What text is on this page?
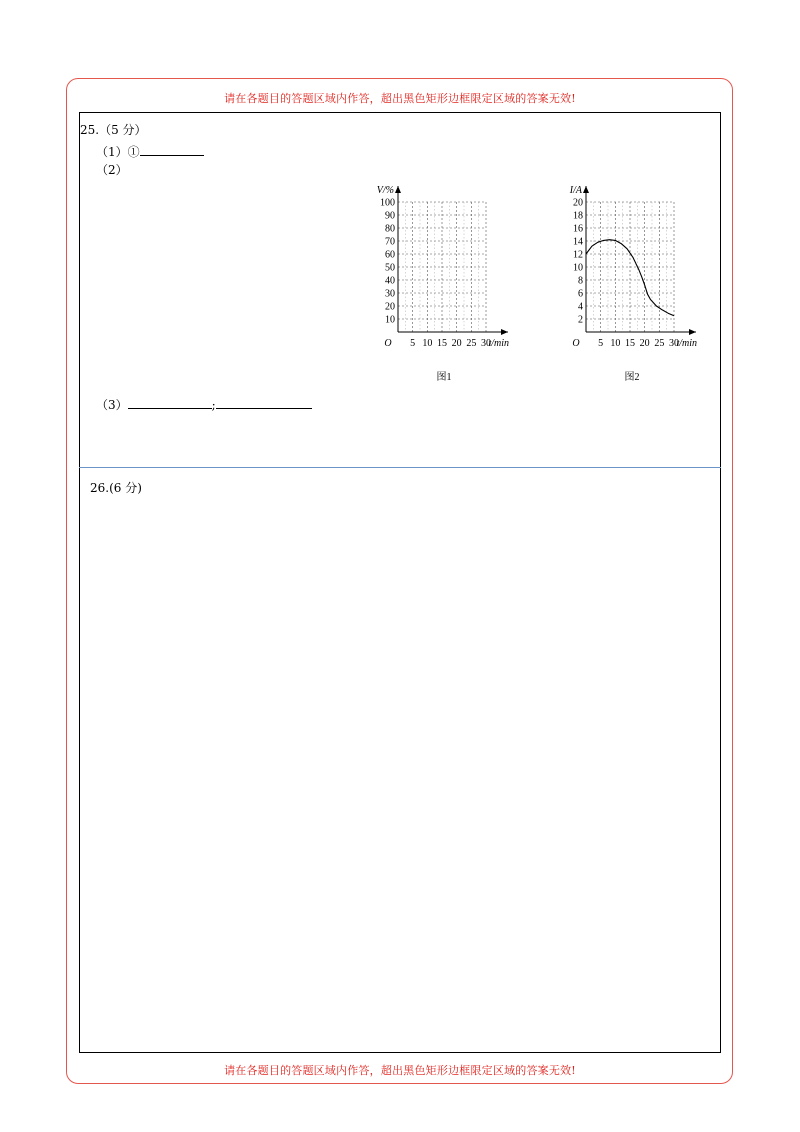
请在各题目的答题区域内作答，超出黑色矩形边框限定区域的答案无效!
25.（5 分）
（1）①
（2）
10
20
30
40
50
60
70
80
90
100
5 10 15 20 25 30
O
V/%
t/min
图1
2
4
6
8
10
12
14
16
18
20
5 10 15 20 25 30
O
I/A
t/min
图2
（3）	;
26.(6 分)
请在各题目的答题区域内作答，超出黑色矩形边框限定区域的答案无效!
